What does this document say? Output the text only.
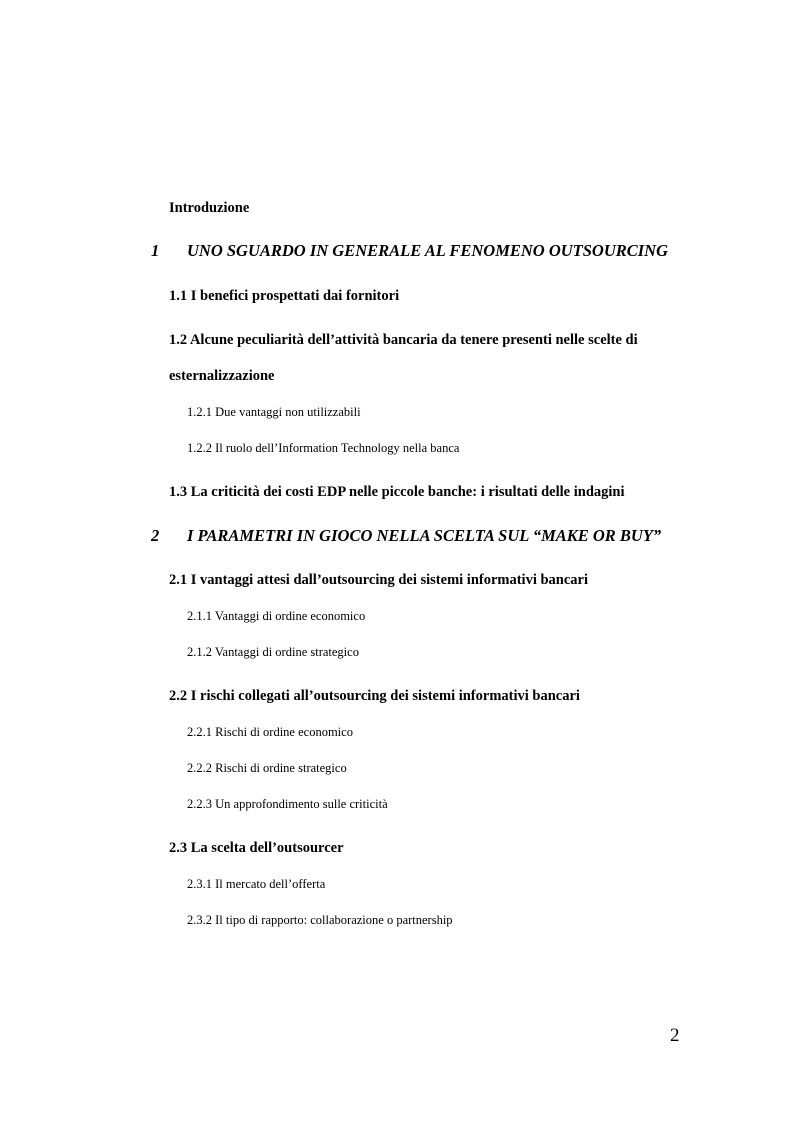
Introduzione
1 UNO SGUARDO IN GENERALE AL FENOMENO OUTSOURCING
1.1 I benefici prospettati dai fornitori
1.2 Alcune peculiarità dell’attività bancaria da tenere presenti nelle scelte di
esternalizzazione
1.2.1 Due vantaggi non utilizzabili
1.2.2 Il ruolo dell’Information Technology nella banca
1.3 La criticità dei costi EDP nelle piccole banche: i risultati delle indagini
2 I PARAMETRI IN GIOCO NELLA SCELTA SUL “MAKE OR BUY”
2.1 I vantaggi attesi dall’outsourcing dei sistemi informativi bancari
2.1.1 Vantaggi di ordine economico
2.1.2 Vantaggi di ordine strategico
2.2 I rischi collegati all’outsourcing dei sistemi informativi bancari
2.2.1 Rischi di ordine economico
2.2.2 Rischi di ordine strategico
2.2.3 Un approfondimento sulle criticità
2.3 La scelta dell’outsourcer
2.3.1 Il mercato dell’offerta
2.3.2 Il tipo di rapporto: collaborazione o partnership
2
